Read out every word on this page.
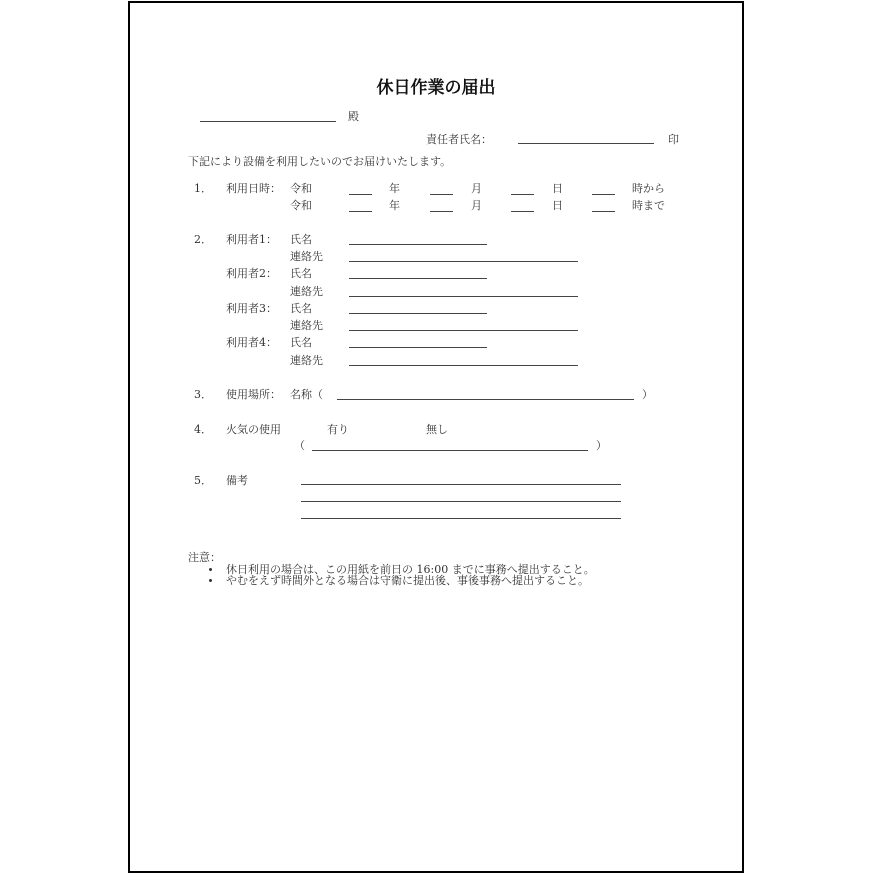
休日作業の届出
殿
責任者氏名：	印
下記により設備を利用したいのでお届けいたします。
1． 利用日時： 令和	年	月	日	時から
令和	年	月	日	時まで
2． 利用者1： 氏名
連絡先
利用者2： 氏名
連絡先
利用者3： 氏名
連絡先
利用者4： 氏名
連絡先
3． 使用場所： 名称（	）
4． 火気の使用	有り	無し
（	）
5． 備考
注意：
休日利用の場合は、この用紙を前日の 16:00 までに事務へ提出すること。
やむをえず時間外となる場合は守衛に提出後、事後事務へ提出すること。
